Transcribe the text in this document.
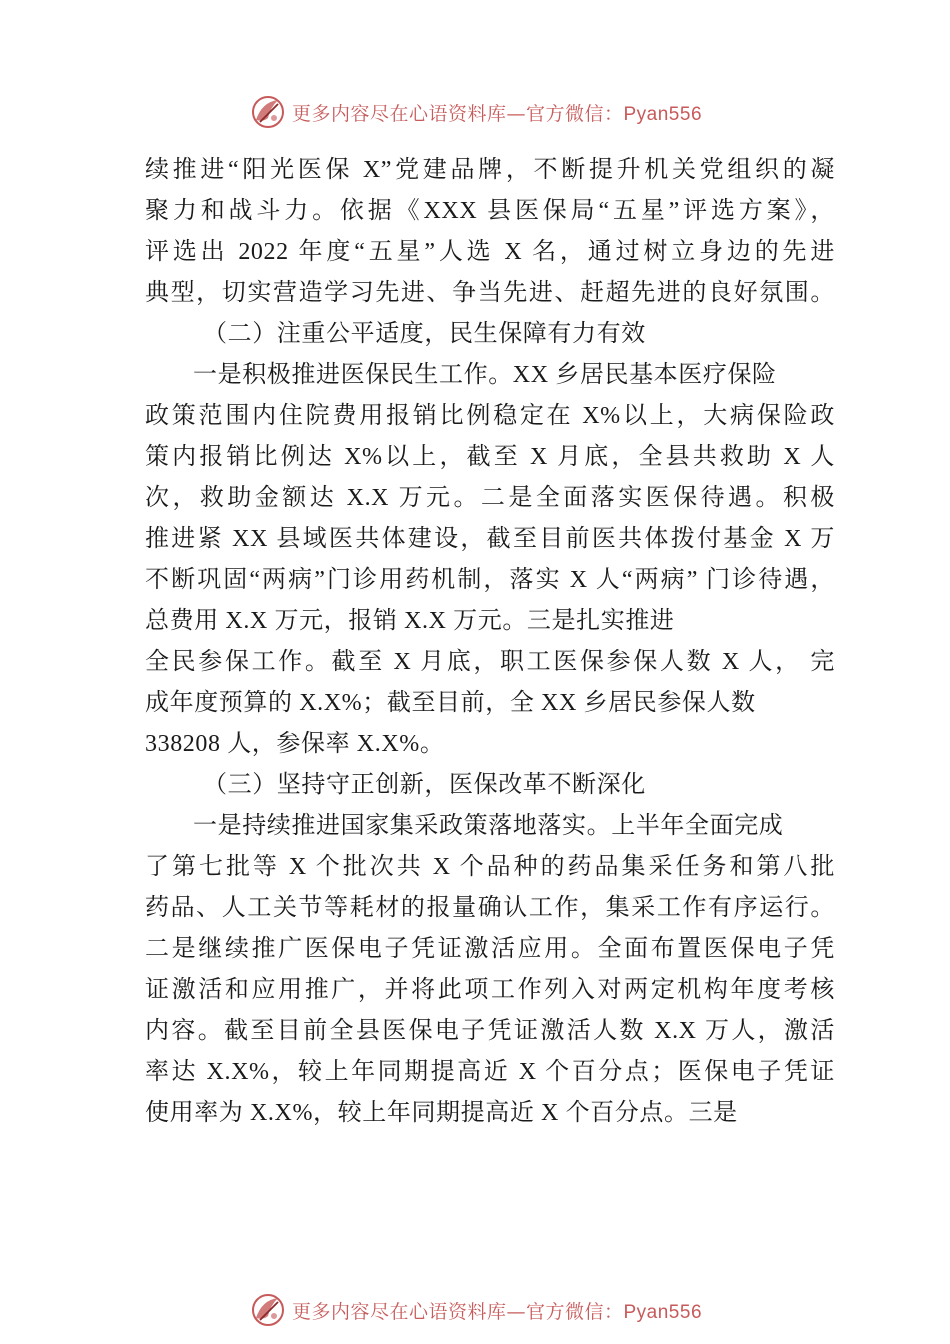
更多内容尽在心语资料库—官方微信：Pyan556
续推进“阳光医保 X”党建品牌，不断提升机关党组织的凝
聚力和战斗力。依据《XXX 县医保局“五星”评选方案》，
评选出 2022 年度“五星”人选 X 名，通过树立身边的先进
典型，切实营造学习先进、争当先进、赶超先进的良好氛围。
（二）注重公平适度，民生保障有力有效
一是积极推进医保民生工作。XX 乡居民基本医疗保险
政策范围内住院费用报销比例稳定在 X%以上，大病保险政
策内报销比例达 X%以上，截至 X 月底，全县共救助 X 人
次，救助金额达 X.X 万元。二是全面落实医保待遇。积极
推进紧 XX 县域医共体建设，截至目前医共体拨付基金 X 万
不断巩固“两病”门诊用药机制，落实 X 人“两病” 门诊待遇，
总费用 X.X 万元，报销 X.X 万元。三是扎实推进
全民参保工作。截至 X 月底，职工医保参保人数 X 人， 完
成年度预算的 X.X%；截至目前，全 XX 乡居民参保人数
338208 人，参保率 X.X%。
（三）坚持守正创新，医保改革不断深化
一是持续推进国家集采政策落地落实。上半年全面完成
了第七批等 X 个批次共 X 个品种的药品集采任务和第八批
药品、人工关节等耗材的报量确认工作，集采工作有序运行。
二是继续推广医保电子凭证激活应用。全面布置医保电子凭
证激活和应用推广，并将此项工作列入对两定机构年度考核
内容。截至目前全县医保电子凭证激活人数 X.X 万人，激活
率达 X.X%，较上年同期提高近 X 个百分点；医保电子凭证
使用率为 X.X%，较上年同期提高近 X 个百分点。三是
更多内容尽在心语资料库—官方微信：Pyan556
